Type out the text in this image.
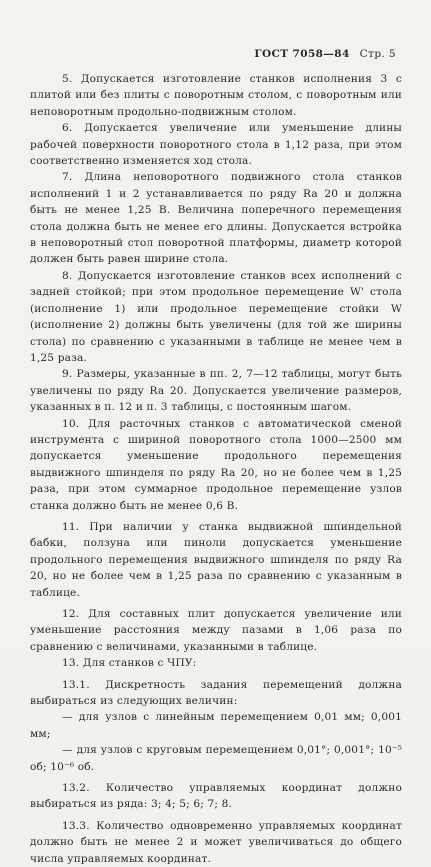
ГОСТ 7058—84 Стр. 5

5. Допускается изготовление станков исполнения 3 с плитой или без плиты с поворотным столом, с поворотным или неповоротным продольно-подвижным столом.

6. Допускается увеличение или уменьшение длины рабочей поверхности поворотного стола в 1,12 раза, при этом соответственно изменяется ход стола.

7. Длина неповоротного подвижного стола станков исполнений 1 и 2 устанавливается по ряду Ra 20 и должна быть не менее 1,25 B. Величина поперечного перемещения стола должна быть не менее его длины. Допускается встройка в неповоротный стол поворотной платформы, диаметр которой должен быть равен ширине стола.

8. Допускается изготовление станков всех исполнений с задней стойкой; при этом продольное перемещение W' стола (исполнение 1) или продольное перемещение стойки W (исполнение 2) должны быть увеличены (для той же ширины стола) по сравнению с указанными в таблице не менее чем в 1,25 раза.

9. Размеры, указанные в пп. 2, 7—12 таблицы, могут быть увеличены по ряду Ra 20. Допускается увеличение размеров, указанных в п. 12 и п. 3 таблицы, с постоянным шагом.

10. Для расточных станков с автоматической сменой инструмента с шириной поворотного стола 1000—2500 мм допускается уменьшение продольного перемещения выдвижного шпинделя по ряду Ra 20, но не более чем в 1,25 раза, при этом суммарное продольное перемещение узлов станка должно быть не менее 0,6 B.

11. При наличии у станка выдвижной шпиндельной бабки, ползуна или пиноли допускается уменьшение продольного перемещения выдвижного шпинделя по ряду Ra 20, но не более чем в 1,25 раза по сравнению с указанным в таблице.

12. Для составных плит допускается увеличение или уменьшение расстояния между пазами в 1,06 раза по сравнению с величинами, указанными в таблице.

13. Для станков с ЧПУ:

13.1. Дискретность задания перемещений должна выбираться из следующих величин:

— для узлов с линейным перемещением 0,01 мм; 0,001 мм;

— для узлов с круговым перемещением 0,01°; 0,001°; 10⁻⁵ об; 10⁻⁶ об.

13.2. Количество управляемых координат должно выбираться из ряда: 3; 4; 5; 6; 7; 8.

13.3. Количество одновременно управляемых координат должно быть не менее 2 и может увеличиваться до общего числа управляемых координат.
